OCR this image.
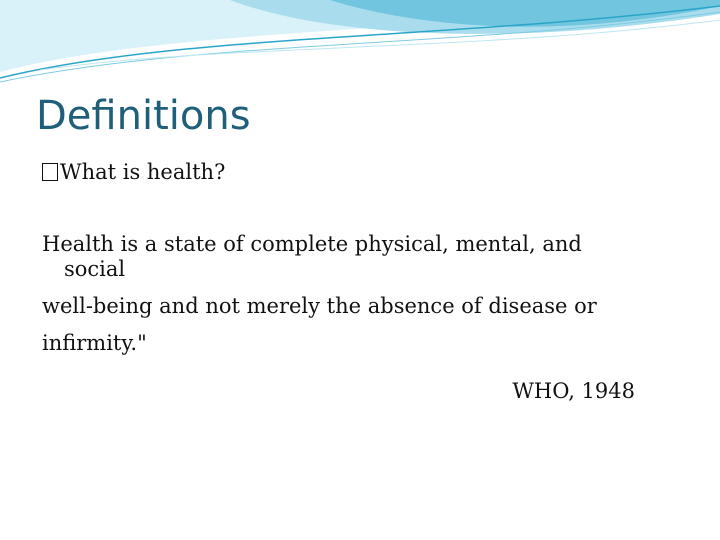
Definitions
What is health?
Health is a state of complete physical, mental, and
social
well-being and not merely the absence of disease or
infirmity."
WHO, 1948
